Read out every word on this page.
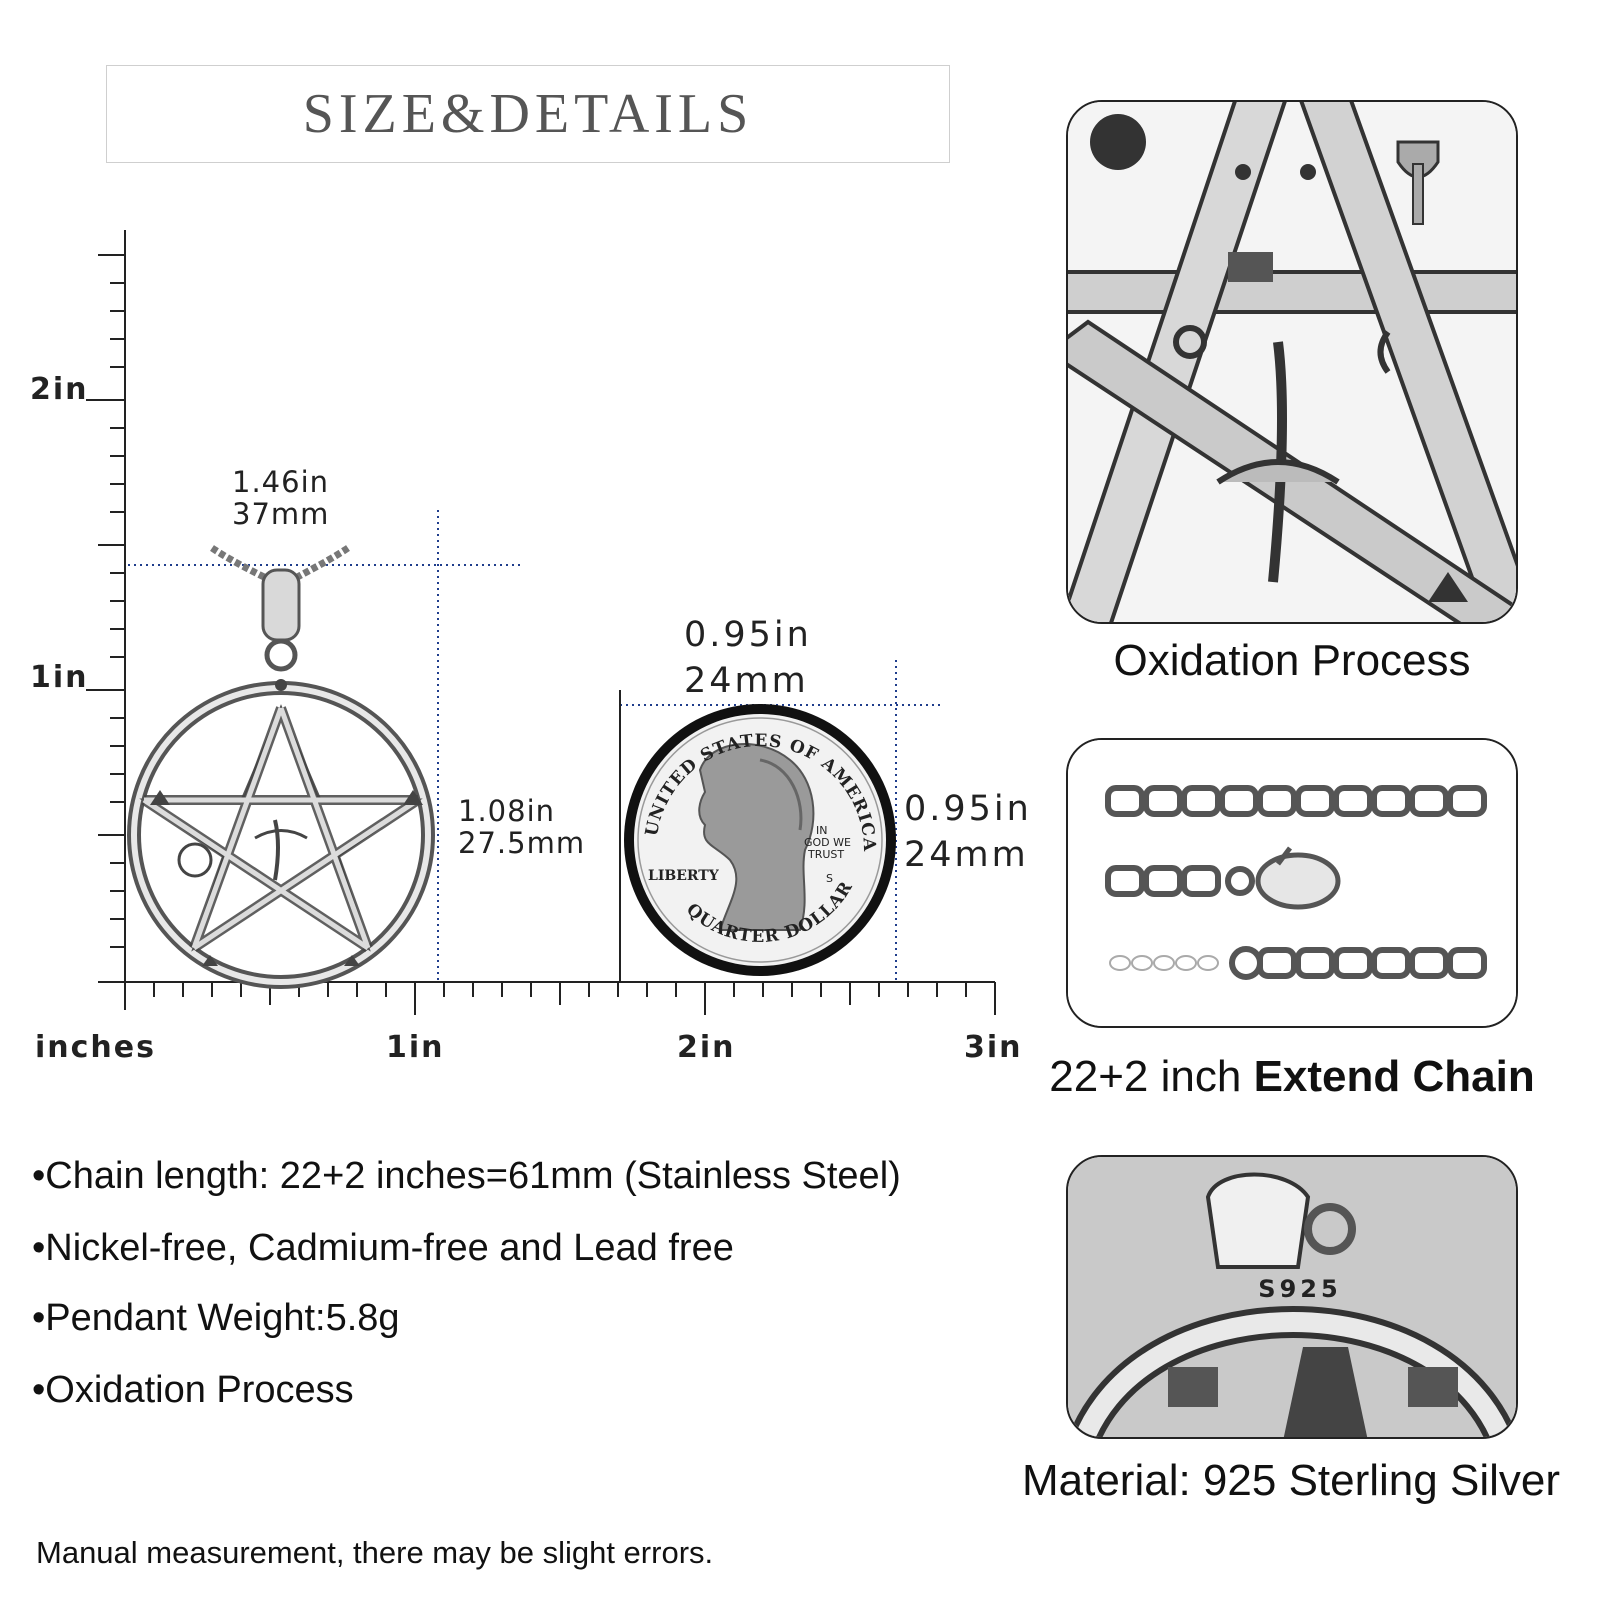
SIZE&DETAILS
2in
1in
inches	1in	2in	3in
1.46in
37mm
1.08in
27.5mm
0.95in
24mm
0.95in
24mm
UNITED STATES OF AMERICA
QUARTER DOLLAR
LIBERTY
IN
GOD WE
TRUST
S
Oxidation Process
22+2 inch Extend Chain
S925
Material: 925 Sterling Silver
•Chain length: 22+2 inches=61mm (Stainless Steel)
•Nickel-free, Cadmium-free and Lead free
•Pendant Weight:5.8g
•Oxidation Process
Manual measurement, there may be slight errors.
